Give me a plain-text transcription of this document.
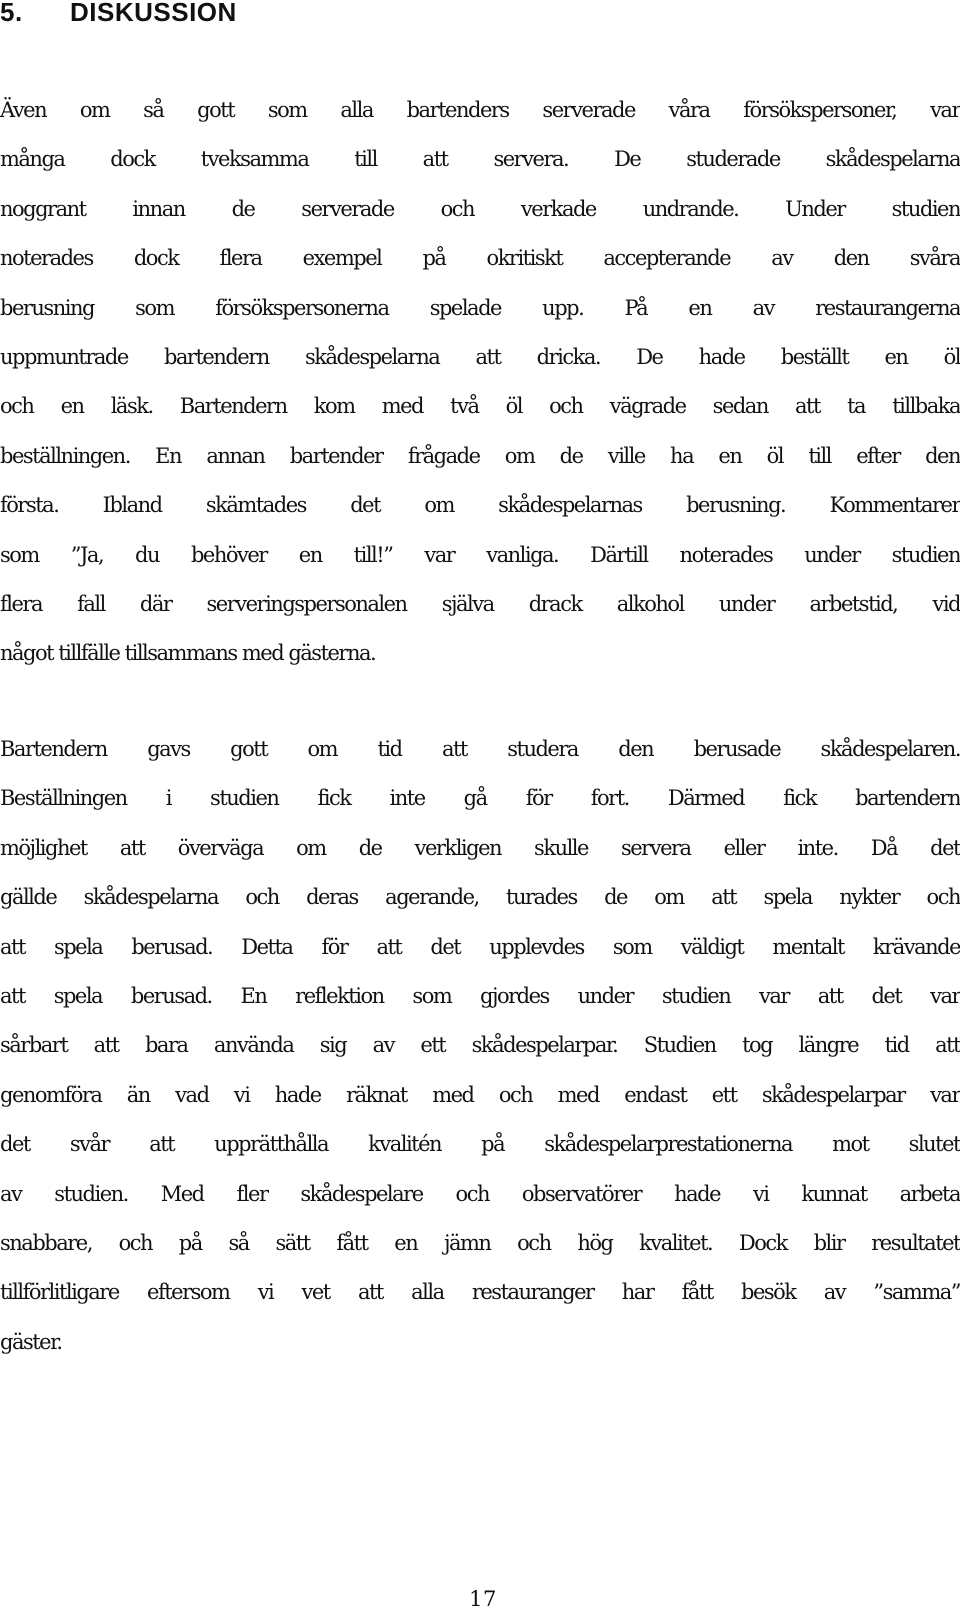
5. DISKUSSION
Även om så gott som alla bartenders serverade våra försökspersoner, var
många dock tveksamma till att servera. De studerade skådespelarna
noggrant innan de serverade och verkade undrande. Under studien
noterades dock flera exempel på okritiskt accepterande av den svåra
berusning som försökspersonerna spelade upp. På en av restaurangerna
uppmuntrade bartendern skådespelarna att dricka. De hade beställt en öl
och en läsk. Bartendern kom med två öl och vägrade sedan att ta tillbaka
beställningen. En annan bartender frågade om de ville ha en öl till efter den
första. Ibland skämtades det om skådespelarnas berusning. Kommentarer
som ”Ja, du behöver en till!” var vanliga. Därtill noterades under studien
flera fall där serveringspersonalen själva drack alkohol under arbetstid, vid
något tillfälle tillsammans med gästerna.
Bartendern gavs gott om tid att studera den berusade skådespelaren.
Beställningen i studien fick inte gå för fort. Därmed fick bartendern
möjlighet att överväga om de verkligen skulle servera eller inte. Då det
gällde skådespelarna och deras agerande, turades de om att spela nykter och
att spela berusad. Detta för att det upplevdes som väldigt mentalt krävande
att spela berusad. En reflektion som gjordes under studien var att det var
sårbart att bara använda sig av ett skådespelarpar. Studien tog längre tid att
genomföra än vad vi hade räknat med och med endast ett skådespelarpar var
det svår att upprätthålla kvalitén på skådespelarprestationerna mot slutet
av studien. Med fler skådespelare och observatörer hade vi kunnat arbeta
snabbare, och på så sätt fått en jämn och hög kvalitet. Dock blir resultatet
tillförlitligare eftersom vi vet att alla restauranger har fått besök av ”samma”
gäster.

17
